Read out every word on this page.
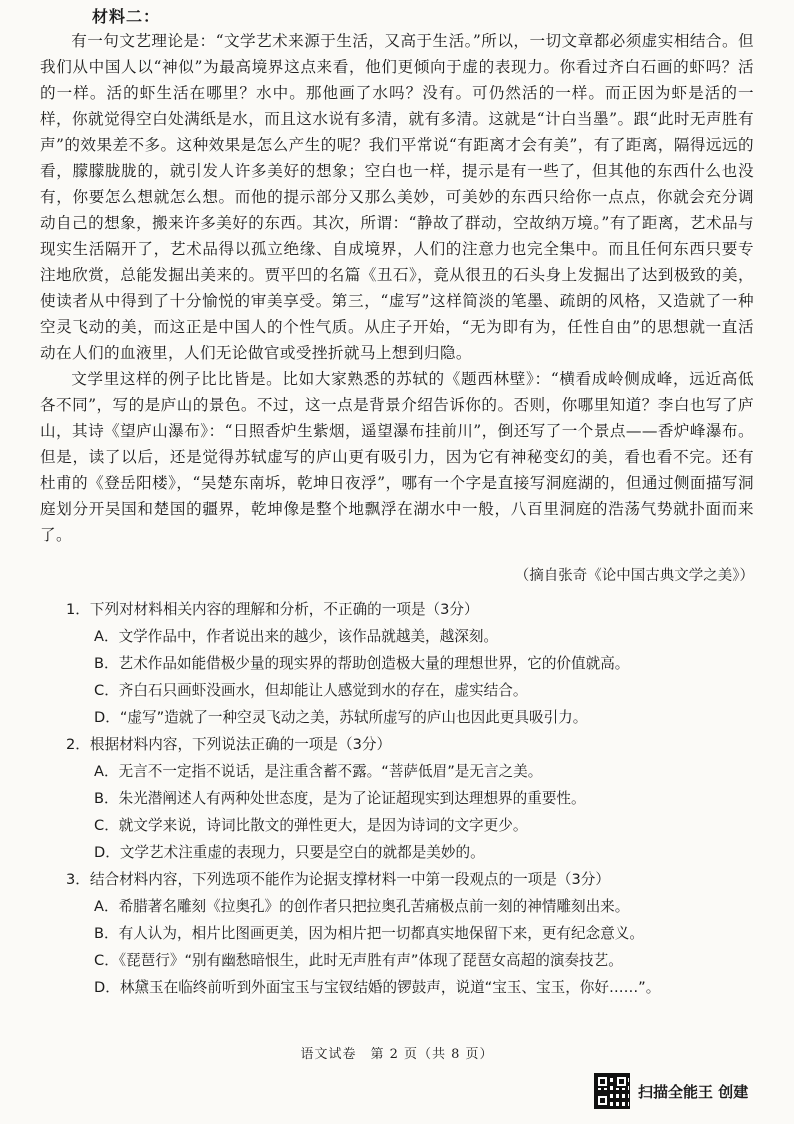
材料二：

有一句文艺理论是：“文学艺术来源于生活，又高于生活。”所以，一切文章都必须虚实相结合。但我们从中国人以“神似”为最高境界这点来看，他们更倾向于虚的表现力。你看过齐白石画的虾吗？活的一样。活的虾生活在哪里？水中。那他画了水吗？没有。可仍然活的一样。而正因为虾是活的一样，你就觉得空白处满纸是水，而且这水说有多清，就有多清。这就是“计白当墨”。跟“此时无声胜有声”的效果差不多。这种效果是怎么产生的呢？我们平常说“有距离才会有美”，有了距离，隔得远远的看，朦朦胧胧的，就引发人许多美好的想象；空白也一样，提示是有一些了，但其他的东西什么也没有，你要怎么想就怎么想。而他的提示部分又那么美妙，可美妙的东西只给你一点点，你就会充分调动自己的想象，搬来许多美好的东西。其次，所谓：“静故了群动，空故纳万境。”有了距离，艺术品与现实生活隔开了，艺术品得以孤立绝缘、自成境界，人们的注意力也完全集中。而且任何东西只要专注地欣赏，总能发掘出美来的。贾平凹的名篇《丑石》，竟从很丑的石头身上发掘出了达到极致的美，使读者从中得到了十分愉悦的审美享受。第三，“虚写”这样简淡的笔墨、疏朗的风格，又造就了一种空灵飞动的美，而这正是中国人的个性气质。从庄子开始，“无为即有为，任性自由”的思想就一直活动在人们的血液里，人们无论做官或受挫折就马上想到归隐。

文学里这样的例子比比皆是。比如大家熟悉的苏轼的《题西林壁》：“横看成岭侧成峰，远近高低各不同”，写的是庐山的景色。不过，这一点是背景介绍告诉你的。否则，你哪里知道？李白也写了庐山，其诗《望庐山瀑布》：“日照香炉生紫烟，遥望瀑布挂前川”，倒还写了一个景点——香炉峰瀑布。但是，读了以后，还是觉得苏轼虚写的庐山更有吸引力，因为它有神秘变幻的美，看也看不完。还有杜甫的《登岳阳楼》，“吴楚东南坼，乾坤日夜浮”，哪有一个字是直接写洞庭湖的，但通过侧面描写洞庭划分开吴国和楚国的疆界，乾坤像是整个地飘浮在湖水中一般，八百里洞庭的浩荡气势就扑面而来了。

（摘自张奇《论中国古典文学之美》）
1．下列对材料相关内容的理解和分析，不正确的一项是（3分）
A．文学作品中，作者说出来的越少，该作品就越美，越深刻。
B．艺术作品如能借极少量的现实界的帮助创造极大量的理想世界，它的价值就高。
C．齐白石只画虾没画水，但却能让人感觉到水的存在，虚实结合。
D．“虚写”造就了一种空灵飞动之美，苏轼所虚写的庐山也因此更具吸引力。
2．根据材料内容，下列说法正确的一项是（3分）
A．无言不一定指不说话，是注重含蓄不露。“菩萨低眉”是无言之美。
B．朱光潜阐述人有两种处世态度，是为了论证超现实到达理想界的重要性。
C．就文学来说，诗词比散文的弹性更大，是因为诗词的文字更少。
D．文学艺术注重虚的表现力，只要是空白的就都是美妙的。
3．结合材料内容，下列选项不能作为论据支撑材料一中第一段观点的一项是（3分）
A．希腊著名雕刻《拉奥孔》的创作者只把拉奥孔苦痛极点前一刻的神情雕刻出来。
B．有人认为，相片比图画更美，因为相片把一切都真实地保留下来，更有纪念意义。
C．《琵琶行》“别有幽愁暗恨生，此时无声胜有声”体现了琵琶女高超的演奏技艺。
D．林黛玉在临终前听到外面宝玉与宝钗结婚的锣鼓声，说道“宝玉、宝玉，你好……”。
语文试卷　第 2 页（共 8 页）
扫描全能王 创建
